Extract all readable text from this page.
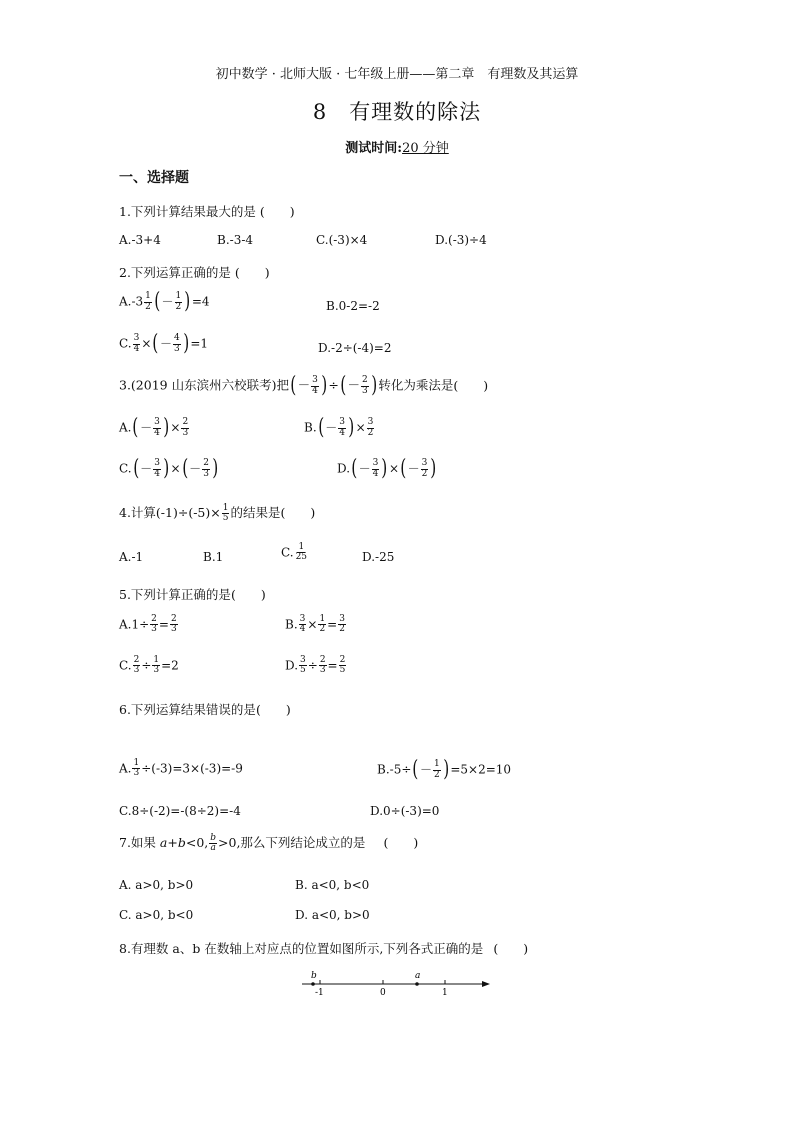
初中数学 · 北师大版 · 七年级上册——第二章　有理数及其运算
8 有理数的除法
测试时间:20 分钟
一、选择题
1.下列计算结果最大的是 (　　)
A.-3+4	B.-3-4	C.(-3)×4	D.(-3)÷4
2.下列运算正确的是 (　　)
$A.-3 \frac{1}{2}$ (－ $\frac{1}{2} )=4$	B.0-2=-2
C. $\frac{3}{4}$ ×(－ $\frac{4}{3} )=1$	D.-2÷(-4)=2
3.(2019 山东滨州六校联考)把(－ $\frac{3}{4}$ )÷(－ $\frac{2}{3}$ )转化为乘法是(　　)
$A.(- \frac{3}{4}$ )× $\frac{2}{3}$	$B.(- \frac{3}{4}$ )× $\frac{3}{2}$
$C.(- \frac{3}{4}$ )×(－ $\frac{2}{3}$ )	$D.(- \frac{3}{4}$ )×(－ $\frac{3}{2}$ )
4.计算$(-1)\div(-5)\times \frac{1}{5}$ 的结果是(　　)
A.-1	B.1	C. $\frac{1}{25}$	D.-25
5.下列计算正确的是(　　)
$A.1\div \frac{2}{3} = \frac{2}{3}$	B. $\frac{3}{4} \times \frac{1}{2} = \frac{3}{2}$
C. $\frac{2}{3} \div \frac{1}{3} =2$	D. $\frac{3}{5} \div \frac{2}{3} = \frac{2}{5}$
6.下列运算结果错误的是(　　)
A. $\frac{1}{3} \div(-3)=3\times(-3)=-9$	$B.-5\div(- \frac{1}{2} )=5\times 2=10$
C.8÷(-2)=-(8÷2)=-4	D.0÷(-3)=0
7.如果 a+b<0, $\frac{b}{a} >0$,那么下列结论成立的是 (　　)
A. a>0, b>0	B. a<0, b<0
C. a>0, b<0	D. a<0, b>0
8.有理数 a、b 在数轴上对应点的位置如图所示,下列各式正确的是 (　　)
b	a
-1	0	1
